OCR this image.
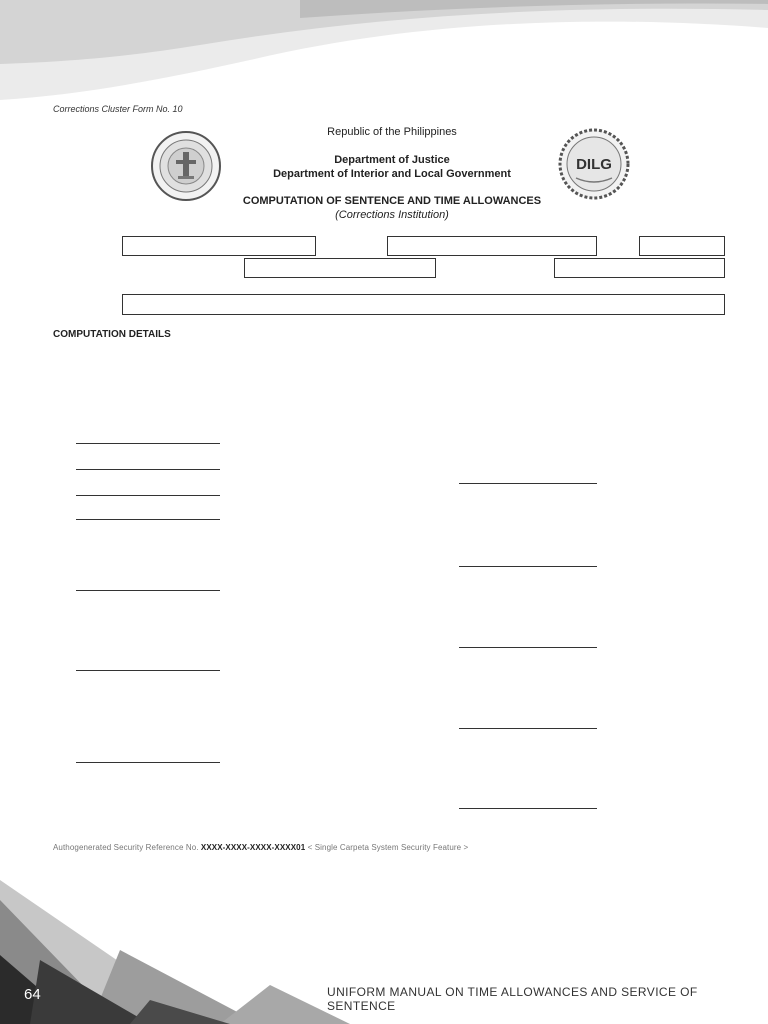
DILG
Corrections Cluster Form No. 10
Republic of the Philippines
Department of Justice
Department of Interior and Local Government
COMPUTATION OF SENTENCE AND TIME ALLOWANCES
(Corrections Institution)
COMPUTATION DETAILS
Authogenerated Security Reference No. XXXX-XXXX-XXXX-XXXX01 < Single Carpeta System Security Feature >
64	UNIFORM MANUAL ON TIME ALLOWANCES AND SERVICE OF SENTENCE
